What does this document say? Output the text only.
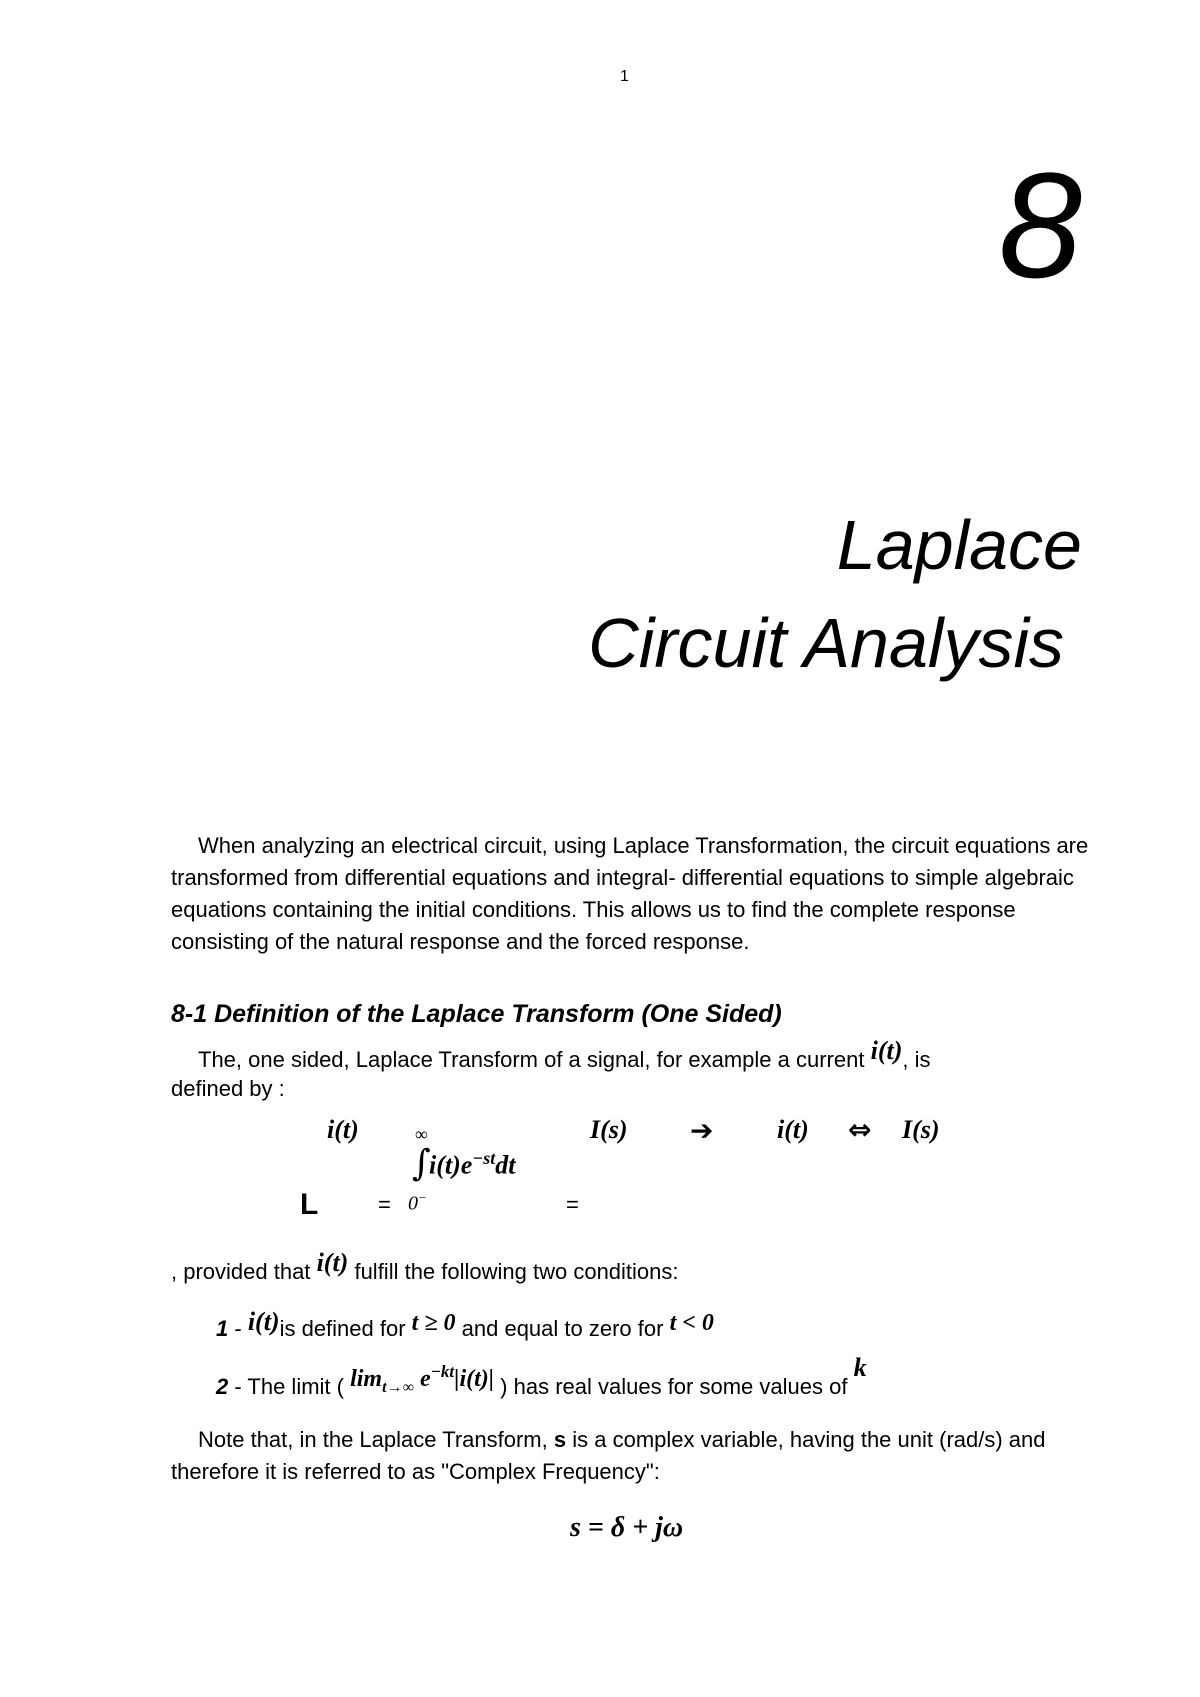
1
8
Laplace
Circuit Analysis
When analyzing an electrical circuit, using Laplace Transformation, the circuit equations are transformed from differential equations and integral- differential equations to simple algebraic equations containing the initial conditions. This allows us to find the complete response consisting of the natural response and the forced response.
8-1 Definition of the Laplace Transform (One Sided)
The, one sided, Laplace Transform of a signal, for example a current i(t), is
defined by :
L
i(t)
=
∞
∫
$i(t)e^{-st}dt$
0−	=
I(s) ➔ i(t) ⇔ I(s)
, provided that i(t) fulfill the following two conditions:
1 - i(t)is defined for t ≥ 0 and equal to zero for t < 0
2 - The limit ( $\lim_{t\to\infty} e^{-kt}|i(t)|$ ) has real values for some values of k
Note that, in the Laplace Transform, s is a complex variable, having the unit (rad/s) and therefore it is referred to as "Complex Frequency":
s = δ + jω
